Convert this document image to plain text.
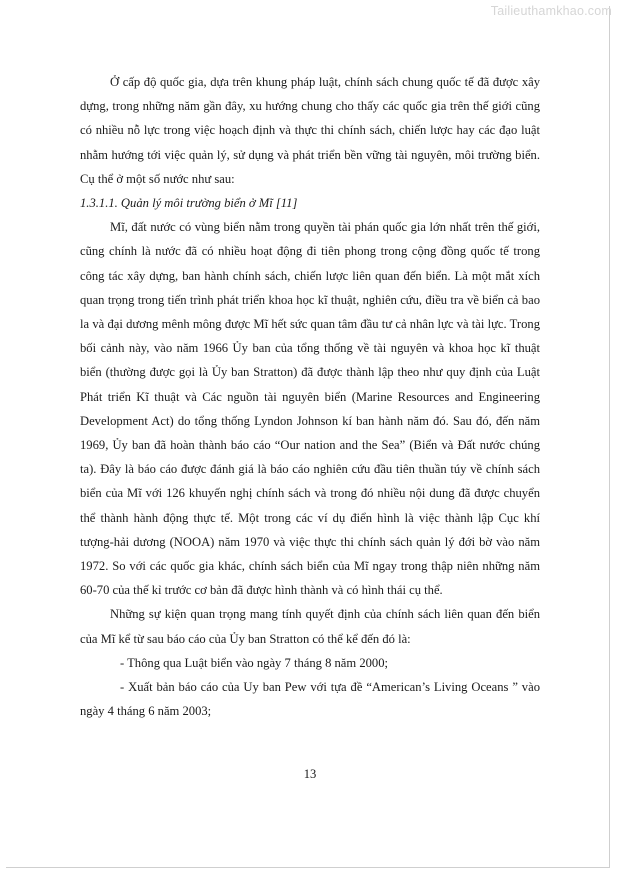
Tailieuthamkhao.com

Ở cấp độ quốc gia, dựa trên khung pháp luật, chính sách chung quốc tế đã được xây dựng, trong những năm gần đây, xu hướng chung cho thấy các quốc gia trên thế giới cũng có nhiều nỗ lực trong việc hoạch định và thực thi chính sách, chiến lược hay các đạo luật nhằm hướng tới việc quản lý, sử dụng và phát triển bền vững tài nguyên, môi trường biển. Cụ thể ở một số nước như sau:

1.3.1.1. Quản lý môi trường biển ở Mĩ [11]

Mĩ, đất nước có vùng biển nằm trong quyền tài phán quốc gia lớn nhất trên thế giới, cũng chính là nước đã có nhiều hoạt động đi tiên phong trong cộng đồng quốc tế trong công tác xây dựng, ban hành chính sách, chiến lược liên quan đến biển. Là một mắt xích quan trọng trong tiến trình phát triển khoa học kĩ thuật, nghiên cứu, điều tra về biển cả bao la và đại dương mênh mông được Mĩ hết sức quan tâm đầu tư cả nhân lực và tài lực. Trong bối cảnh này, vào năm 1966 Ủy ban của tổng thống về tài nguyên và khoa học kĩ thuật biển (thường được gọi là Ủy ban Stratton) đã được thành lập theo như quy định của Luật Phát triển Kĩ thuật và Các nguồn tài nguyên biển (Marine Resources and Engineering Development Act) do tổng thống Lyndon Johnson kí ban hành năm đó. Sau đó, đến năm 1969, Ủy ban đã hoàn thành báo cáo “Our nation and the Sea” (Biển và Đất nước chúng ta). Đây là báo cáo được đánh giá là báo cáo nghiên cứu đầu tiên thuần túy về chính sách biển của Mĩ với 126 khuyến nghị chính sách và trong đó nhiều nội dung đã được chuyển thể thành hành động thực tế. Một trong các ví dụ điển hình là việc thành lập Cục khí tượng-hải dương (NOOA) năm 1970 và việc thực thi chính sách quản lý đới bờ vào năm 1972. So với các quốc gia khác, chính sách biển của Mĩ ngay trong thập niên những năm 60-70 của thế kỉ trước cơ bản đã được hình thành và có hình thái cụ thể.

Những sự kiện quan trọng mang tính quyết định của chính sách liên quan đến biển của Mĩ kể từ sau báo cáo của Ủy ban Stratton có thể kể đến đó là:

- Thông qua Luật biển vào ngày 7 tháng 8 năm 2000;

- Xuất bản báo cáo của Uy ban Pew với tựa đề “American’s Living Oceans ” vào ngày 4 tháng 6 năm 2003;

13
